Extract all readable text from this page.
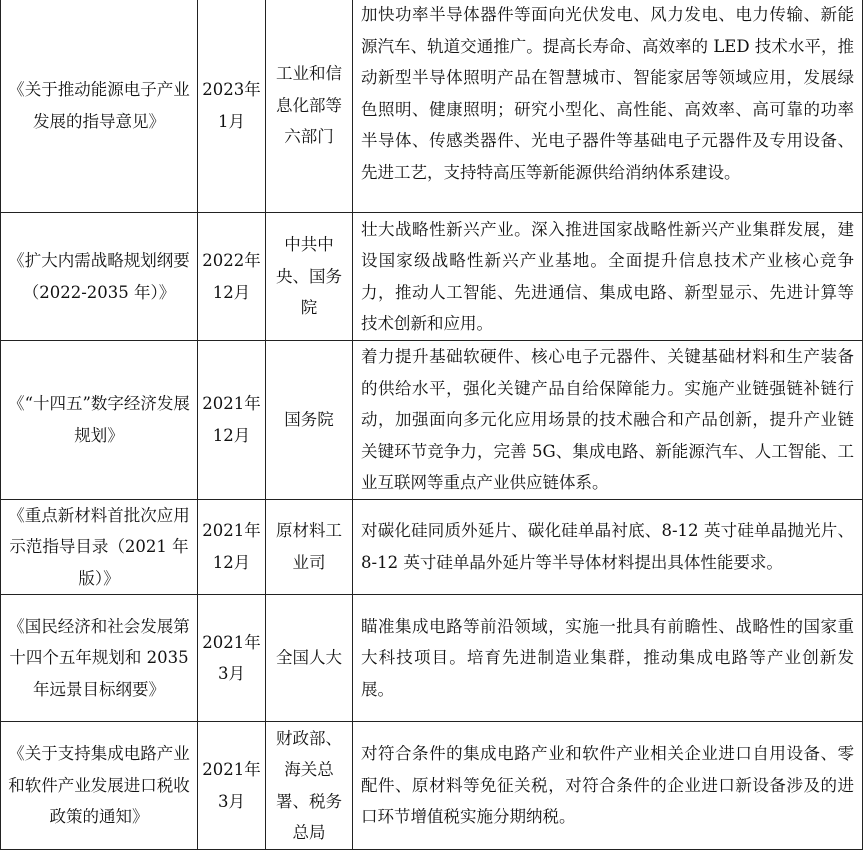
《关于推动能源电子产业发展的指导意见》	2023年1月	工业和信息化部等六部门	加快功率半导体器件等面向光伏发电、风力发电、电力传输、新能源汽车、轨道交通推广。提高长寿命、高效率的 LED 技术水平，推动新型半导体照明产品在智慧城市、智能家居等领域应用，发展绿色照明、健康照明；研究小型化、高性能、高效率、高可靠的功率半导体、传感类器件、光电子器件等基础电子元器件及专用设备、先进工艺，支持特高压等新能源供给消纳体系建设。
《扩大内需战略规划纲要（2022-2035 年）》	2022年12月	中共中央、国务院	壮大战略性新兴产业。深入推进国家战略性新兴产业集群发展，建设国家级战略性新兴产业基地。全面提升信息技术产业核心竞争力，推动人工智能、先进通信、集成电路、新型显示、先进计算等技术创新和应用。
《“十四五”数字经济发展规划》	2021年12月	国务院	着力提升基础软硬件、核心电子元器件、关键基础材料和生产装备的供给水平，强化关键产品自给保障能力。实施产业链强链补链行动，加强面向多元化应用场景的技术融合和产品创新，提升产业链关键环节竞争力，完善 5G、集成电路、新能源汽车、人工智能、工业互联网等重点产业供应链体系。
《重点新材料首批次应用示范指导目录（2021 年版）》	2021年12月	原材料工业司	对碳化硅同质外延片、碳化硅单晶衬底、8-12 英寸硅单晶抛光片、8-12 英寸硅单晶外延片等半导体材料提出具体性能要求。
《国民经济和社会发展第十四个五年规划和 2035 年远景目标纲要》	2021年3月	全国人大	瞄准集成电路等前沿领域，实施一批具有前瞻性、战略性的国家重大科技项目。培育先进制造业集群，推动集成电路等产业创新发展。
《关于支持集成电路产业和软件产业发展进口税收政策的通知》	2021年3月	财政部、海关总署、税务总局	对符合条件的集成电路产业和软件产业相关企业进口自用设备、零配件、原材料等免征关税，对符合条件的企业进口新设备涉及的进口环节增值税实施分期纳税。
